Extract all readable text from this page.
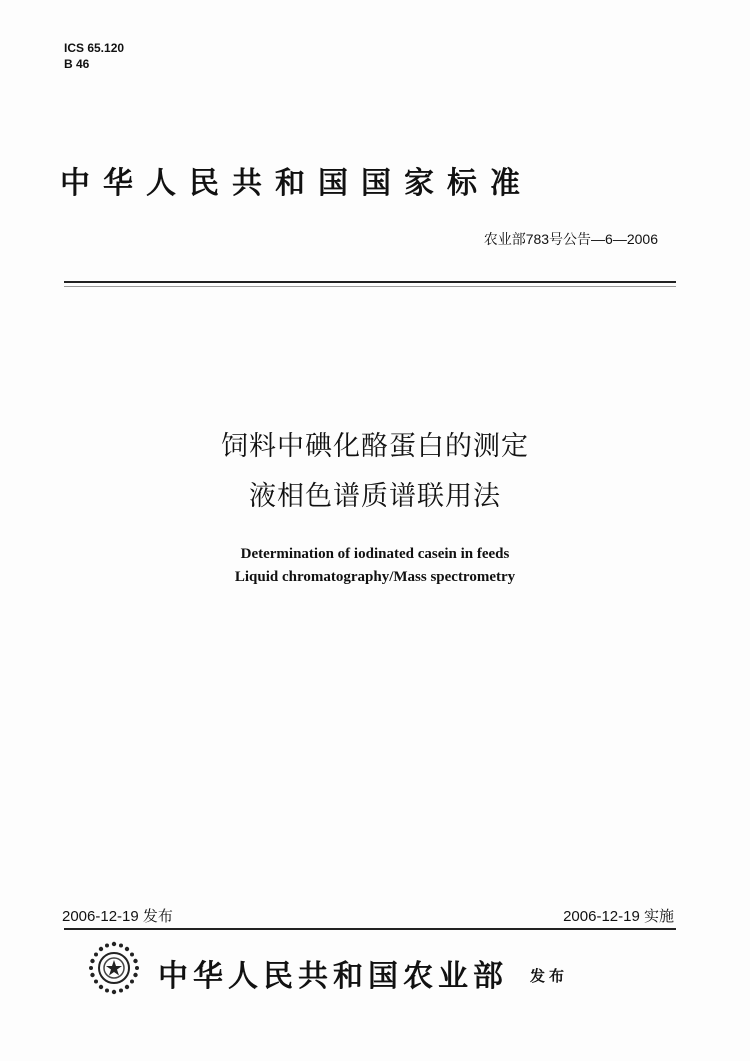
ICS 65.120
B 46
中华人民共和国国家标准
农业部783号公告—6—2006
饲料中碘化酪蛋白的测定
液相色谱质谱联用法
Determination of iodinated casein in feeds
Liquid chromatography/Mass spectrometry
2006-12-19 发布	2006-12-19 实施
中华人民共和国农业部 发布
